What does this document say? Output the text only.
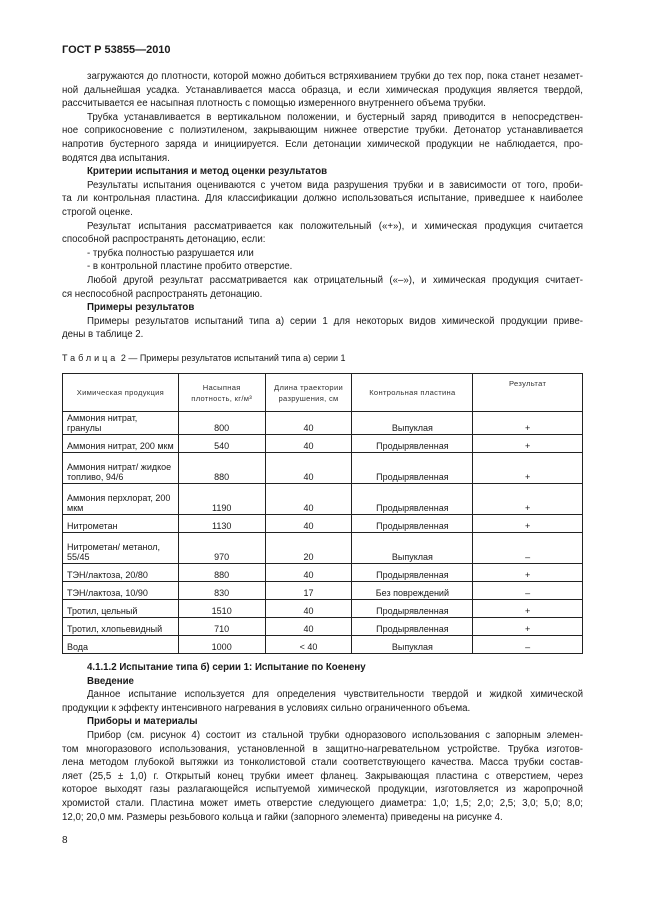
ГОСТ Р 53855—2010
загружаются до плотности, которой можно добиться встряхиванием трубки до тех пор, пока станет незамет-
ной дальнейшая усадка. Устанавливается масса образца, и если химическая продукция является твердой,
рассчитывается ее насыпная плотность с помощью измеренного внутреннего объема трубки.
Трубка устанавливается в вертикальном положении, и бустерный заряд приводится в непосредствен-
ное соприкосновение с полиэтиленом, закрывающим нижнее отверстие трубки. Детонатор устанавливается
напротив бустерного заряда и инициируется. Если детонации химической продукции не наблюдается, про-
водятся два испытания.
Критерии испытания и метод оценки результатов
Результаты испытания оцениваются с учетом вида разрушения трубки и в зависимости от того, проби-
та ли контрольная пластина. Для классификации должно использоваться испытание, приведшее к наиболее
строгой оценке.
Результат испытания рассматривается как положительный («+»), и химическая продукция считается
способной распространять детонацию, если:
- трубка полностью разрушается или
- в контрольной пластине пробито отверстие.
Любой другой результат рассматривается как отрицательный («–»), и химическая продукция считает-
ся неспособной распространять детонацию.
Примеры результатов
Примеры результатов испытаний типа а) серии 1 для некоторых видов химической продукции приве-
дены в таблице 2.
Таблица 2 — Примеры результатов испытаний типа а) серии 1
Химическая продукция	Насыпная плотность, кг/м³	Длина траектории разрушения, см	Контрольная пластина	Результат
Аммония нитрат, гранулы	800	40	Выпуклая	+
Аммония нитрат, 200 мкм	540	40	Продырявленная	+
Аммония нитрат/ жидкое топливо, 94/6	880	40	Продырявленная	+
Аммония перхлорат, 200 мкм	1190	40	Продырявленная	+
Нитрометан	1130	40	Продырявленная	+
Нитрометан/ метанол, 55/45	970	20	Выпуклая	–
ТЭН/лактоза, 20/80	880	40	Продырявленная	+
ТЭН/лактоза, 10/90	830	17	Без повреждений	–
Тротил, цельный	1510	40	Продырявленная	+
Тротил, хлопьевидный	710	40	Продырявленная	+
Вода	1000	< 40	Выпуклая	–
4.1.1.2 Испытание типа б) серии 1: Испытание по Коенену
Введение
Данное испытание используется для определения чувствительности твердой и жидкой химической
продукции к эффекту интенсивного нагревания в условиях сильно ограниченного объема.
Приборы и материалы
Прибор (см. рисунок 4) состоит из стальной трубки одноразового использования с запорным элемен-
том многоразового использования, установленной в защитно-нагревательном устройстве. Трубка изготов-
лена методом глубокой вытяжки из тонколистовой стали соответствующего качества. Масса трубки состав-
ляет (25,5 ± 1,0) г. Открытый конец трубки имеет фланец. Закрывающая пластина с отверстием, через
которое выходят газы разлагающейся испытуемой химической продукции, изготовляется из жаропрочной
хромистой стали. Пластина может иметь отверстие следующего диаметра: 1,0; 1,5; 2,0; 2,5; 3,0; 5,0; 8,0;
12,0; 20,0 мм. Размеры резьбового кольца и гайки (запорного элемента) приведены на рисунке 4.
8
